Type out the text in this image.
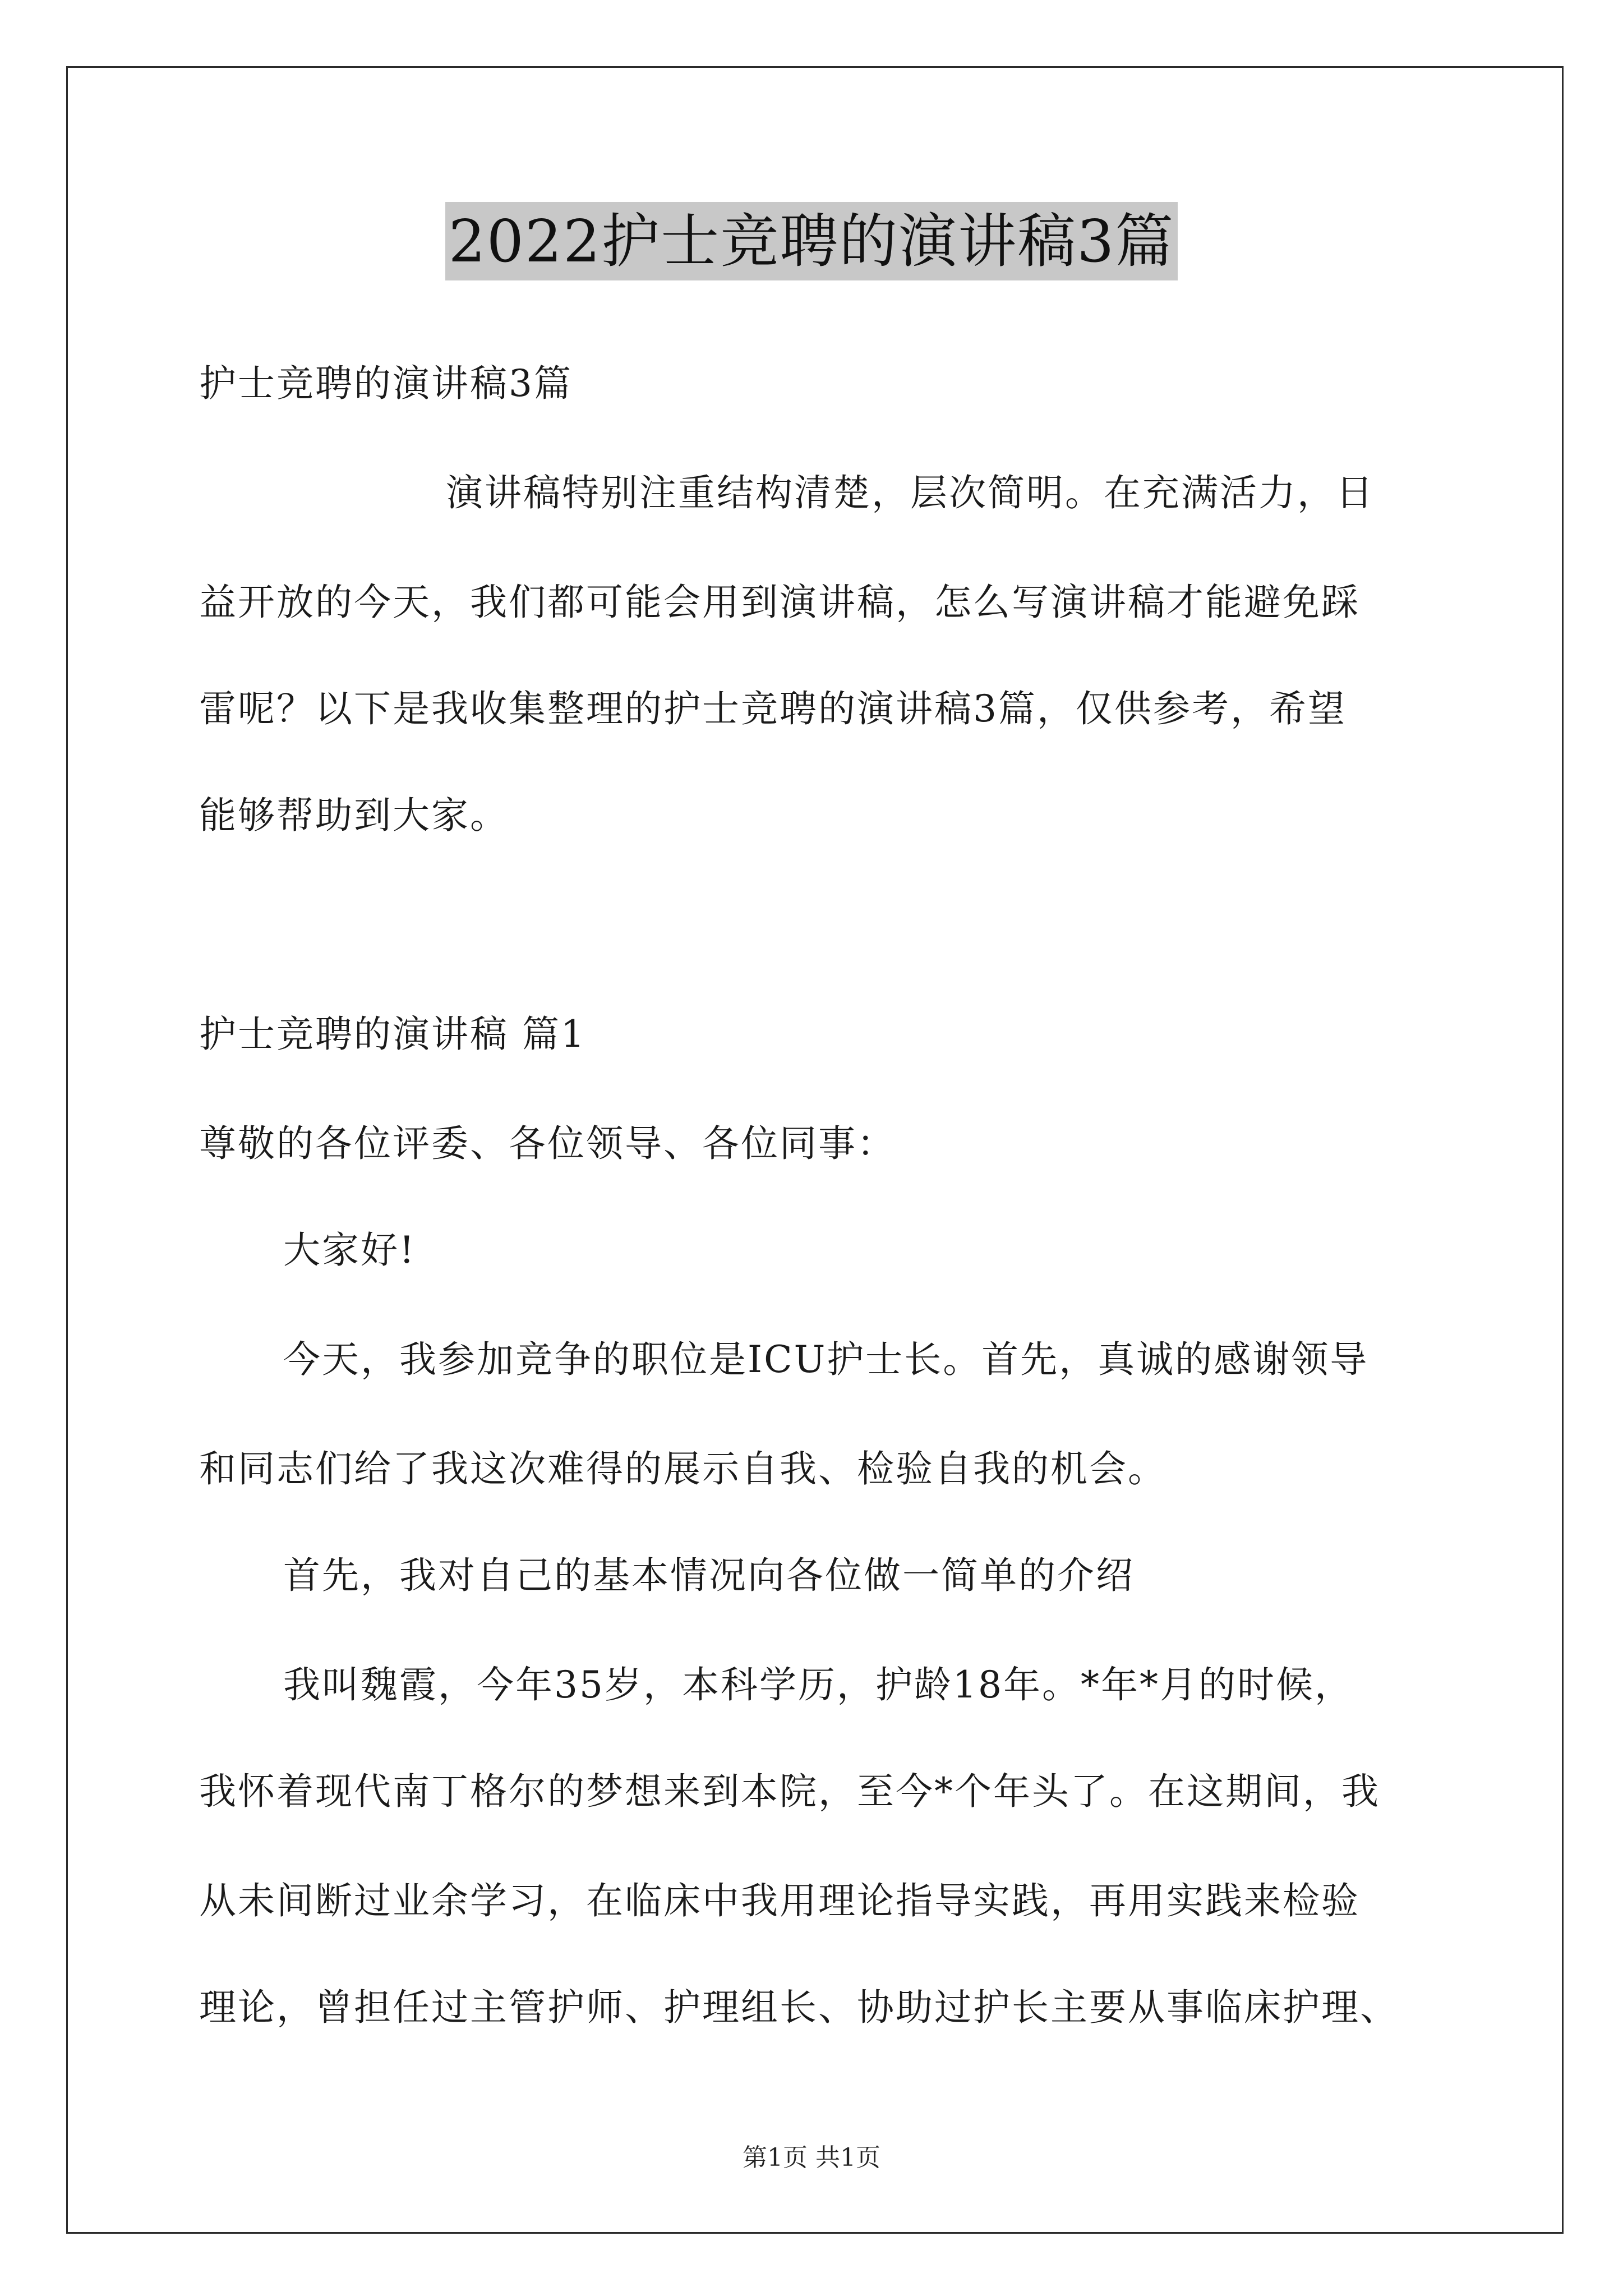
2022护士竞聘的演讲稿3篇
护士竞聘的演讲稿3篇
演讲稿特别注重结构清楚，层次简明。在充满活力，日
益开放的今天，我们都可能会用到演讲稿，怎么写演讲稿才能避免踩
雷呢？以下是我收集整理的护士竞聘的演讲稿3篇，仅供参考，希望
能够帮助到大家。
护士竞聘的演讲稿 篇1
尊敬的各位评委、各位领导、各位同事：
大家好!
今天，我参加竞争的职位是ICU护士长。首先，真诚的感谢领导
和同志们给了我这次难得的展示自我、检验自我的机会。
首先，我对自己的基本情况向各位做一简单的介绍
我叫魏霞，今年35岁，本科学历，护龄18年。*年*月的时候，
我怀着现代南丁格尔的梦想来到本院，至今*个年头了。在这期间，我
从未间断过业余学习，在临床中我用理论指导实践，再用实践来检验
理论，曾担任过主管护师、护理组长、协助过护长主要从事临床护理、
第1页 共1页
